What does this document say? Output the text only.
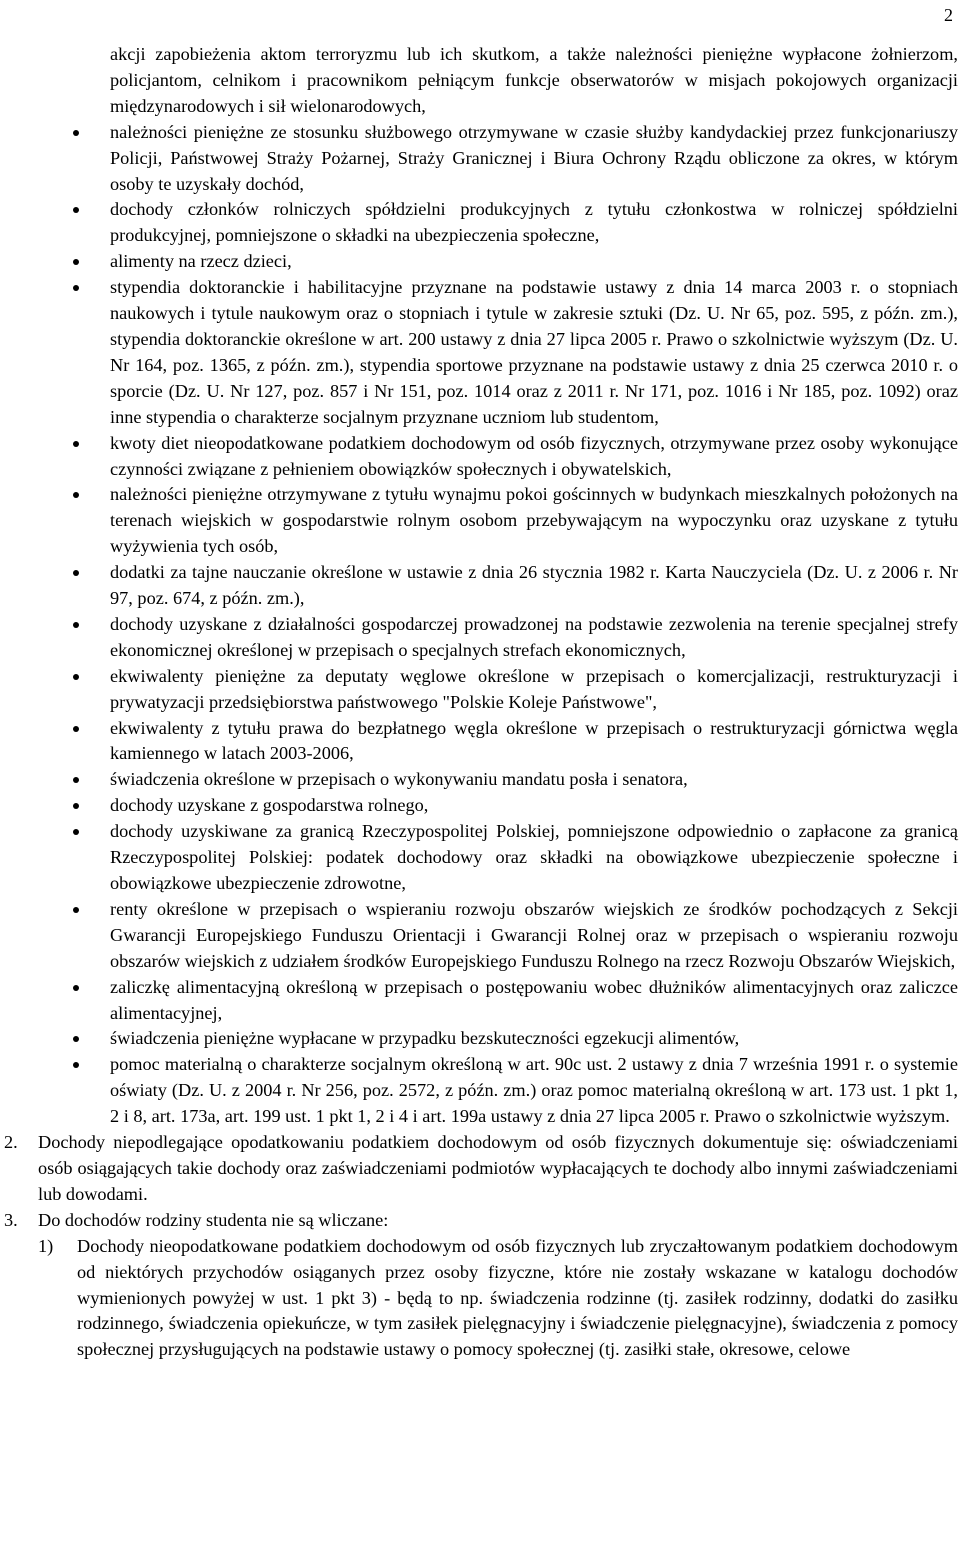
2
akcji zapobieżenia aktom terroryzmu lub ich skutkom, a także należności pieniężne wypłacone żołnierzom, policjantom, celnikom i pracownikom pełniącym funkcje obserwatorów w misjach pokojowych organizacji międzynarodowych i sił wielonarodowych,
należności pieniężne ze stosunku służbowego otrzymywane w czasie służby kandydackiej przez funkcjonariuszy Policji, Państwowej Straży Pożarnej, Straży Granicznej i Biura Ochrony Rządu obliczone za okres, w którym osoby te uzyskały dochód,
dochody członków rolniczych spółdzielni produkcyjnych z tytułu członkostwa w rolniczej spółdzielni produkcyjnej, pomniejszone o składki na ubezpieczenia społeczne,
alimenty na rzecz dzieci,
stypendia doktoranckie i habilitacyjne przyznane na podstawie ustawy z dnia 14 marca 2003 r. o stopniach naukowych i tytule naukowym oraz o stopniach i tytule w zakresie sztuki (Dz. U. Nr 65, poz. 595, z późn. zm.), stypendia doktoranckie określone w art. 200 ustawy z dnia 27 lipca 2005 r. Prawo o szkolnictwie wyższym (Dz. U. Nr 164, poz. 1365, z późn. zm.), stypendia sportowe przyznane na podstawie ustawy z dnia 25 czerwca 2010 r. o sporcie (Dz. U. Nr 127, poz. 857 i Nr 151, poz. 1014 oraz z 2011 r. Nr 171, poz. 1016 i Nr 185, poz. 1092) oraz inne stypendia o charakterze socjalnym przyznane uczniom lub studentom,
kwoty diet nieopodatkowane podatkiem dochodowym od osób fizycznych, otrzymywane przez osoby wykonujące czynności związane z pełnieniem obowiązków społecznych i obywatelskich,
należności pieniężne otrzymywane z tytułu wynajmu pokoi gościnnych w budynkach mieszkalnych położonych na terenach wiejskich w gospodarstwie rolnym osobom przebywającym na wypoczynku oraz uzyskane z tytułu wyżywienia tych osób,
dodatki za tajne nauczanie określone w ustawie z dnia 26 stycznia 1982 r. Karta Nauczyciela (Dz. U. z 2006 r. Nr 97, poz. 674, z późn. zm.),
dochody uzyskane z działalności gospodarczej prowadzonej na podstawie zezwolenia na terenie specjalnej strefy ekonomicznej określonej w przepisach o specjalnych strefach ekonomicznych,
ekwiwalenty pieniężne za deputaty węglowe określone w przepisach o komercjalizacji, restrukturyzacji i prywatyzacji przedsiębiorstwa państwowego "Polskie Koleje Państwowe",
ekwiwalenty z tytułu prawa do bezpłatnego węgla określone w przepisach o restrukturyzacji górnictwa węgla kamiennego w latach 2003-2006,
świadczenia określone w przepisach o wykonywaniu mandatu posła i senatora,
dochody uzyskane z gospodarstwa rolnego,
dochody uzyskiwane za granicą Rzeczypospolitej Polskiej, pomniejszone odpowiednio o zapłacone za granicą Rzeczypospolitej Polskiej: podatek dochodowy oraz składki na obowiązkowe ubezpieczenie społeczne i obowiązkowe ubezpieczenie zdrowotne,
renty określone w przepisach o wspieraniu rozwoju obszarów wiejskich ze środków pochodzących z Sekcji Gwarancji Europejskiego Funduszu Orientacji i Gwarancji Rolnej oraz w przepisach o wspieraniu rozwoju obszarów wiejskich z udziałem środków Europejskiego Funduszu Rolnego na rzecz Rozwoju Obszarów Wiejskich,
zaliczkę alimentacyjną określoną w przepisach o postępowaniu wobec dłużników alimentacyjnych oraz zaliczce alimentacyjnej,
świadczenia pieniężne wypłacane w przypadku bezskuteczności egzekucji alimentów,
pomoc materialną o charakterze socjalnym określoną w art. 90c ust. 2 ustawy z dnia 7 września 1991 r. o systemie oświaty (Dz. U. z 2004 r. Nr 256, poz. 2572, z późn. zm.) oraz pomoc materialną określoną w art. 173 ust. 1 pkt 1, 2 i 8, art. 173a, art. 199 ust. 1 pkt 1, 2 i 4 i art. 199a ustawy z dnia 27 lipca 2005 r. Prawo o szkolnictwie wyższym.
2. Dochody niepodlegające opodatkowaniu podatkiem dochodowym od osób fizycznych dokumentuje się: oświadczeniami osób osiągających takie dochody oraz zaświadczeniami podmiotów wypłacających te dochody albo innymi zaświadczeniami lub dowodami.
3. Do dochodów rodziny studenta nie są wliczane:
1) Dochody nieopodatkowane podatkiem dochodowym od osób fizycznych lub zryczałtowanym podatkiem dochodowym od niektórych przychodów osiąganych przez osoby fizyczne, które nie zostały wskazane w katalogu dochodów wymienionych powyżej w ust. 1 pkt 3) - będą to np. świadczenia rodzinne (tj. zasiłek rodzinny, dodatki do zasiłku rodzinnego, świadczenia opiekuńcze, w tym zasiłek pielęgnacyjny i świadczenie pielęgnacyjne), świadczenia z pomocy społecznej przysługujących na podstawie ustawy o pomocy społecznej (tj. zasiłki stałe, okresowe, celowe
